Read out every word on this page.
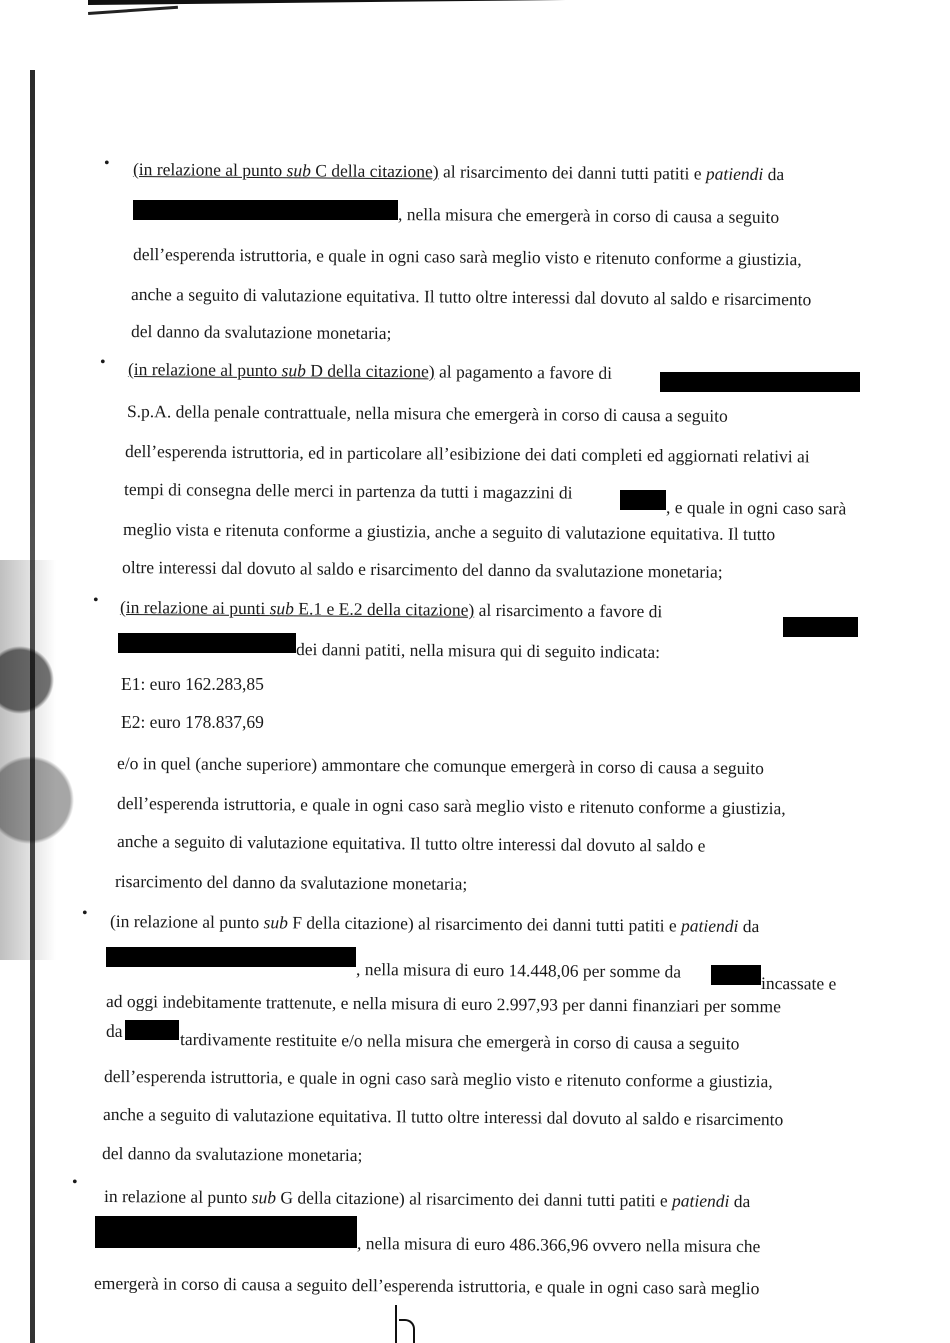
• (in relazione al punto sub C della citazione) al risarcimento dei danni tutti patiti e patiendi da
, nella misura che emergerà in corso di causa a seguito
dell’esperenda istruttoria, e quale in ogni caso sarà meglio visto e ritenuto conforme a giustizia,
anche a seguito di valutazione equitativa. Il tutto oltre interessi dal dovuto al saldo e risarcimento
del danno da svalutazione monetaria;
• (in relazione al punto sub D della citazione) al pagamento a favore di
S.p.A. della penale contrattuale, nella misura che emergerà in corso di causa a seguito
dell’esperenda istruttoria, ed in particolare all’esibizione dei dati completi ed aggiornati relativi ai
tempi di consegna delle merci in partenza da tutti i magazzini di
, e quale in ogni caso sarà
meglio vista e ritenuta conforme a giustizia, anche a seguito di valutazione equitativa. Il tutto
oltre interessi dal dovuto al saldo e risarcimento del danno da svalutazione monetaria;
• (in relazione ai punti sub E.1 e E.2 della citazione) al risarcimento a favore di
dei danni patiti, nella misura qui di seguito indicata:
E1: euro 162.283,85
E2: euro 178.837,69
e/o in quel (anche superiore) ammontare che comunque emergerà in corso di causa a seguito
dell’esperenda istruttoria, e quale in ogni caso sarà meglio visto e ritenuto conforme a giustizia,
anche a seguito di valutazione equitativa. Il tutto oltre interessi dal dovuto al saldo e
risarcimento del danno da svalutazione monetaria;
• (in relazione al punto sub F della citazione) al risarcimento dei danni tutti patiti e patiendi da
, nella misura di euro 14.448,06 per somme da
incassate e
ad oggi indebitamente trattenute, e nella misura di euro 2.997,93 per danni finanziari per somme
da	tardivamente restituite e/o nella misura che emergerà in corso di causa a seguito
dell’esperenda istruttoria, e quale in ogni caso sarà meglio visto e ritenuto conforme a giustizia,
anche a seguito di valutazione equitativa. Il tutto oltre interessi dal dovuto al saldo e risarcimento
del danno da svalutazione monetaria;
•
in relazione al punto sub G della citazione) al risarcimento dei danni tutti patiti e patiendi da
, nella misura di euro 486.366,96 ovvero nella misura che
emergerà in corso di causa a seguito dell’esperenda istruttoria, e quale in ogni caso sarà meglio
